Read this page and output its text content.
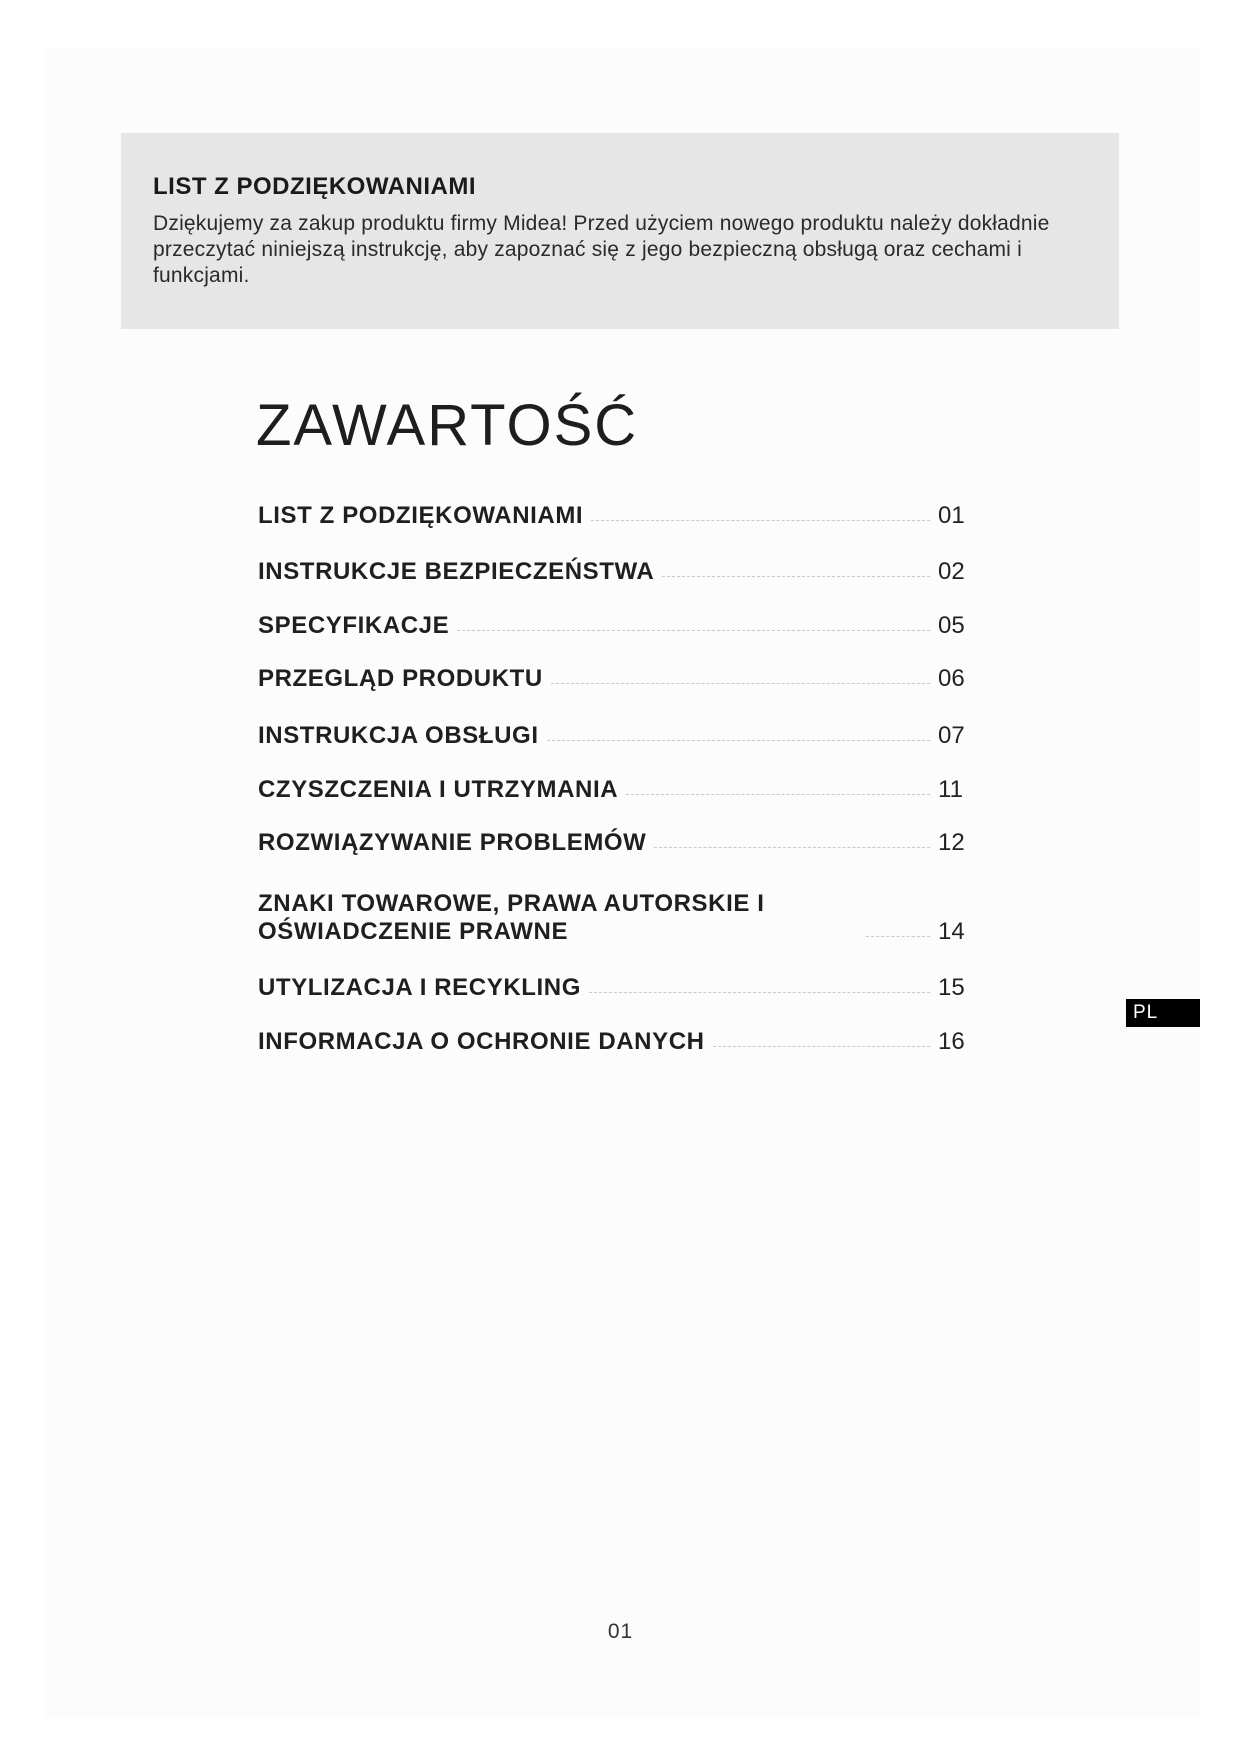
LIST Z PODZIĘKOWANIAMI
Dziękujemy za zakup produktu firmy Midea! Przed użyciem nowego produktu należy dokładnie przeczytać niniejszą instrukcję, aby zapoznać się z jego bezpieczną obsługą oraz cechami i funkcjami.
ZAWARTOŚĆ
LIST Z PODZIĘKOWANIAMI	01
INSTRUKCJE BEZPIECZEŃSTWA	02
SPECYFIKACJE	05
PRZEGLĄD PRODUKTU	06
INSTRUKCJA OBSŁUGI	07
CZYSZCZENIA I UTRZYMANIA	11
ROZWIĄZYWANIE PROBLEMÓW	12
ZNAKI TOWAROWE, PRAWA AUTORSKIE I OŚWIADCZENIE PRAWNE	14
UTYLIZACJA I RECYKLING	15
INFORMACJA O OCHRONIE DANYCH	16
PL
01
